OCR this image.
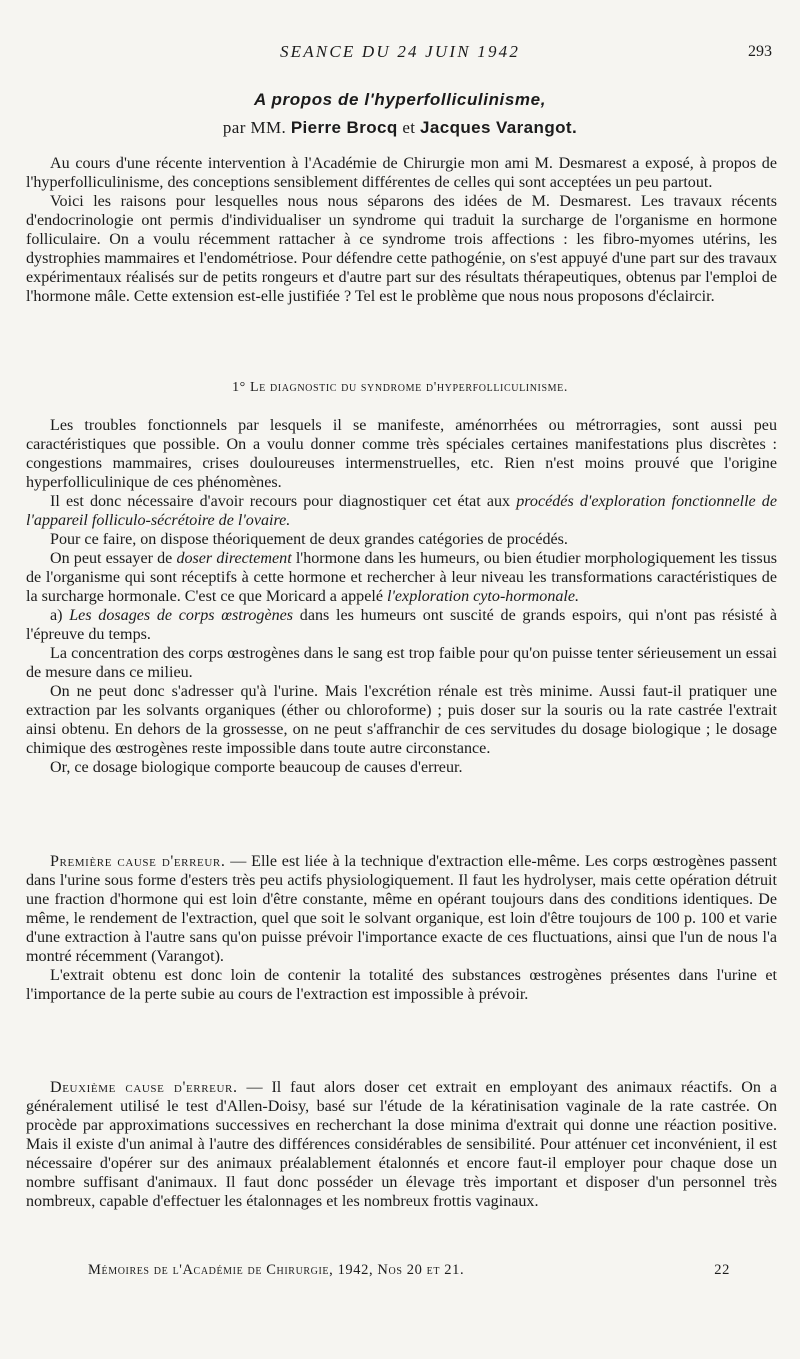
SEANCE DU 24 JUIN 1942	293
A propos de l'hyperfolliculinisme,
par MM. Pierre Brocq et Jacques Varangot.

Au cours d'une récente intervention à l'Académie de Chirurgie mon ami M. Desmarest a exposé, à propos de l'hyperfolliculinisme, des conceptions sensiblement différentes de celles qui sont acceptées un peu partout.

Voici les raisons pour lesquelles nous nous séparons des idées de M. Desmarest. Les travaux récents d'endocrinologie ont permis d'individualiser un syndrome qui traduit la surcharge de l'organisme en hormone folliculaire. On a voulu récemment rattacher à ce syndrome trois affections : les fibro-myomes utérins, les dystrophies mammaires et l'endométriose. Pour défendre cette pathogénie, on s'est appuyé d'une part sur des travaux expérimentaux réalisés sur de petits rongeurs et d'autre part sur des résultats thérapeutiques, obtenus par l'emploi de l'hormone mâle. Cette extension est-elle justifiée ? Tel est le problème que nous nous proposons d'éclaircir.

1° Le diagnostic du syndrome d'hyperfolliculinisme.

Les troubles fonctionnels par lesquels il se manifeste, aménorrhées ou métrorragies, sont aussi peu caractéristiques que possible. On a voulu donner comme très spéciales certaines manifestations plus discrètes : congestions mammaires, crises douloureuses intermenstruelles, etc. Rien n'est moins prouvé que l'origine hyperfolliculinique de ces phénomènes.

Il est donc nécessaire d'avoir recours pour diagnostiquer cet état aux procédés d'exploration fonctionnelle de l'appareil folliculo-sécrétoire de l'ovaire.

Pour ce faire, on dispose théoriquement de deux grandes catégories de procédés.

On peut essayer de doser directement l'hormone dans les humeurs, ou bien étudier morphologiquement les tissus de l'organisme qui sont réceptifs à cette hormone et rechercher à leur niveau les transformations caractéristiques de la surcharge hormonale. C'est ce que Moricard a appelé l'exploration cyto-hormonale.

a) Les dosages de corps œstrogènes dans les humeurs ont suscité de grands espoirs, qui n'ont pas résisté à l'épreuve du temps.

La concentration des corps œstrogènes dans le sang est trop faible pour qu'on puisse tenter sérieusement un essai de mesure dans ce milieu.

On ne peut donc s'adresser qu'à l'urine. Mais l'excrétion rénale est très minime. Aussi faut-il pratiquer une extraction par les solvants organiques (éther ou chloroforme) ; puis doser sur la souris ou la rate castrée l'extrait ainsi obtenu. En dehors de la grossesse, on ne peut s'affranchir de ces servitudes du dosage biologique ; le dosage chimique des œstrogènes reste impossible dans toute autre circonstance.

Or, ce dosage biologique comporte beaucoup de causes d'erreur.

Première cause d'erreur. — Elle est liée à la technique d'extraction elle-même. Les corps œstrogènes passent dans l'urine sous forme d'esters très peu actifs physiologiquement. Il faut les hydrolyser, mais cette opération détruit une fraction d'hormone qui est loin d'être constante, même en opérant toujours dans des conditions identiques. De même, le rendement de l'extraction, quel que soit le solvant organique, est loin d'être toujours de 100 p. 100 et varie d'une extraction à l'autre sans qu'on puisse prévoir l'importance exacte de ces fluctuations, ainsi que l'un de nous l'a montré récemment (Varangot).

L'extrait obtenu est donc loin de contenir la totalité des substances œstrogènes présentes dans l'urine et l'importance de la perte subie au cours de l'extraction est impossible à prévoir.

Deuxième cause d'erreur. — Il faut alors doser cet extrait en employant des animaux réactifs. On a généralement utilisé le test d'Allen-Doisy, basé sur l'étude de la kératinisation vaginale de la rate castrée. On procède par approximations successives en recherchant la dose minima d'extrait qui donne une réaction positive. Mais il existe d'un animal à l'autre des différences considérables de sensibilité. Pour atténuer cet inconvénient, il est nécessaire d'opérer sur des animaux préalablement étalonnés et encore faut-il employer pour chaque dose un nombre suffisant d'animaux. Il faut donc posséder un élevage très important et disposer d'un personnel très nombreux, capable d'effectuer les étalonnages et les nombreux frottis vaginaux.

Mémoires de l'Académie de Chirurgie, 1942, Nos 20 et 21.	22
